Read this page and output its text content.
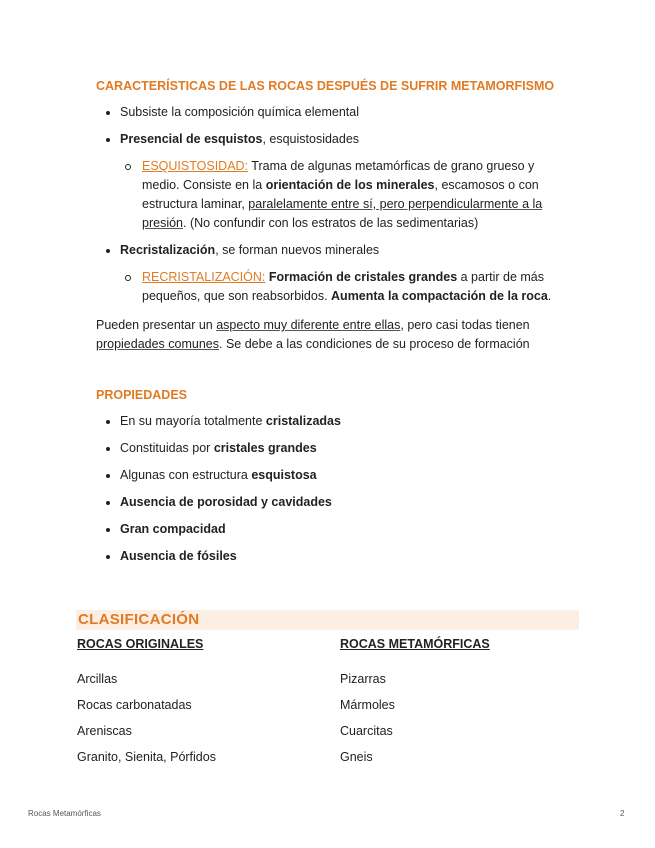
CARACTERÍSTICAS DE LAS ROCAS DESPUÉS DE SUFRIR METAMORFISMO
Subsiste la composición química elemental
Presencial de esquistos, esquistosidades
ESQUISTOSIDAD: Trama de algunas metamórficas de grano grueso y medio. Consiste en la orientación de los minerales, escamosos o con estructura laminar, paralelamente entre sí, pero perpendicularmente a la presión. (No confundir con los estratos de las sedimentarias)
Recristalización, se forman nuevos minerales
RECRISTALIZACIÓN: Formación de cristales grandes a partir de más pequeños, que son reabsorbidos. Aumenta la compactación de la roca.

Pueden presentar un aspecto muy diferente entre ellas, pero casi todas tienen propiedades comunes. Se debe a las condiciones de su proceso de formación

PROPIEDADES
En su mayoría totalmente cristalizadas
Constituidas por cristales grandes
Algunas con estructura esquistosa
Ausencia de porosidad y cavidades
Gran compacidad
Ausencia de fósiles
CLASIFICACIÓN

ROCAS ORIGINALES

Arcillas

Rocas carbonatadas

Areniscas

Granito, Sienita, Pórfidos

ROCAS METAMÓRFICAS

Pizarras

Mármoles

Cuarcitas

Gneis

Rocas Metamórficas	2
